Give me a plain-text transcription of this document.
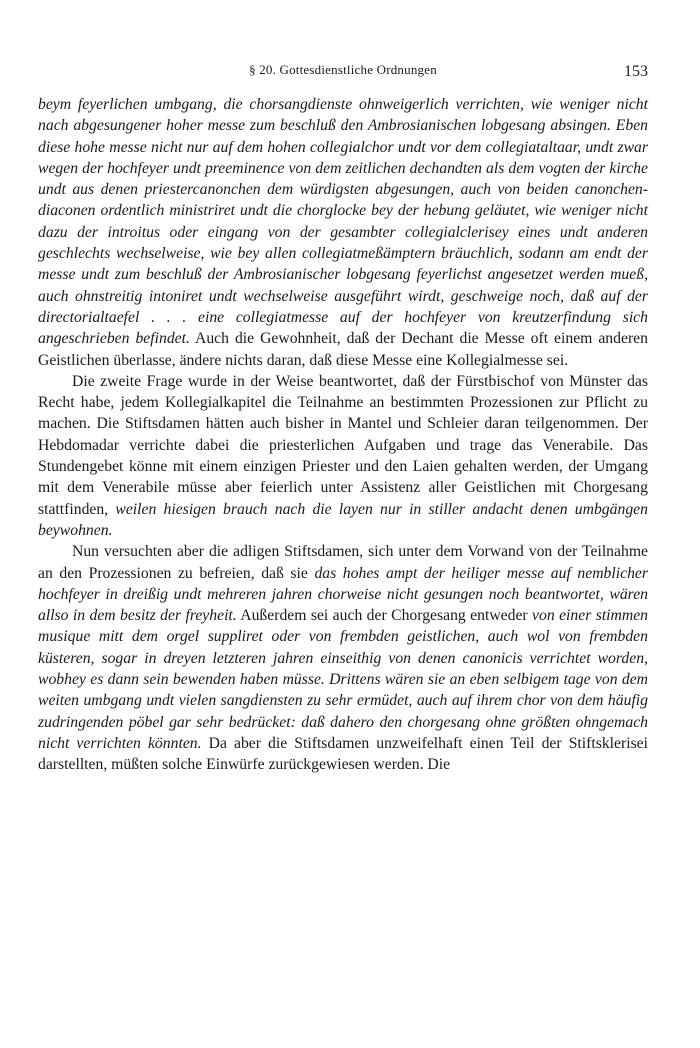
§ 20. Gottesdienstliche Ordnungen	153

beym feyerlichen umbgang, die chorsangdienste ohnweigerlich verrichten, wie weniger nicht nach abgesungener hoher messe zum beschluß den Ambrosianischen lobgesang absingen. Eben diese hohe messe nicht nur auf dem hohen collegialchor undt vor dem collegiataltaar, undt zwar wegen der hochfeyer undt preeminence von dem zeitlichen dechandten als dem vogten der kirche undt aus denen priestercanonchen dem würdigsten abgesungen, auch von beiden canonchen-diaconen ordentlich ministriret undt die chorglocke bey der hebung geläutet, wie weniger nicht dazu der introitus oder eingang von der gesambter collegialclerisey eines undt anderen geschlechts wechselweise, wie bey allen collegiatmeßämptern bräuchlich, sodann am endt der messe undt zum beschluß der Ambrosianischer lobgesang feyerlichst angesetzet werden mueß, auch ohnstreitig intoniret undt wechselweise ausgeführt wirdt, geschweige noch, daß auf der directorialtaefel . . . eine collegiatmesse auf der hochfeyer von kreutzerfindung sich angeschrieben befindet. Auch die Gewohnheit, daß der Dechant die Messe oft einem anderen Geistlichen überlasse, ändere nichts daran, daß diese Messe eine Kollegialmesse sei.

Die zweite Frage wurde in der Weise beantwortet, daß der Fürstbischof von Münster das Recht habe, jedem Kollegialkapitel die Teilnahme an bestimmten Prozessionen zur Pflicht zu machen. Die Stiftsdamen hätten auch bisher in Mantel und Schleier daran teilgenommen. Der Hebdomadar verrichte dabei die priesterlichen Aufgaben und trage das Venerabile. Das Stundengebet könne mit einem einzigen Priester und den Laien gehalten werden, der Umgang mit dem Venerabile müsse aber feierlich unter Assistenz aller Geistlichen mit Chorgesang stattfinden, weilen hiesigen brauch nach die layen nur in stiller andacht denen umbgängen beywohnen.

Nun versuchten aber die adligen Stiftsdamen, sich unter dem Vorwand von der Teilnahme an den Prozessionen zu befreien, daß sie das hohes ampt der heiliger messe auf nemblicher hochfeyer in dreißig undt mehreren jahren chorweise nicht gesungen noch beantwortet, wären allso in dem besitz der freyheit. Außerdem sei auch der Chorgesang entweder von einer stimmen musique mitt dem orgel suppliret oder von frembden geistlichen, auch wol von frembden küsteren, sogar in dreyen letzteren jahren einseithig von denen canonicis verrichtet worden, wobhey es dann sein bewenden haben müsse. Drittens wären sie an eben selbigem tage von dem weiten umbgang undt vielen sangdiensten zu sehr ermüdet, auch auf ihrem chor von dem häufig zudringenden pöbel gar sehr bedrücket: daß dahero den chorgesang ohne größten ohngemach nicht verrichten könnten. Da aber die Stiftsdamen unzweifelhaft einen Teil der Stiftsklerisei darstellten, müßten solche Einwürfe zurückgewiesen werden. Die
